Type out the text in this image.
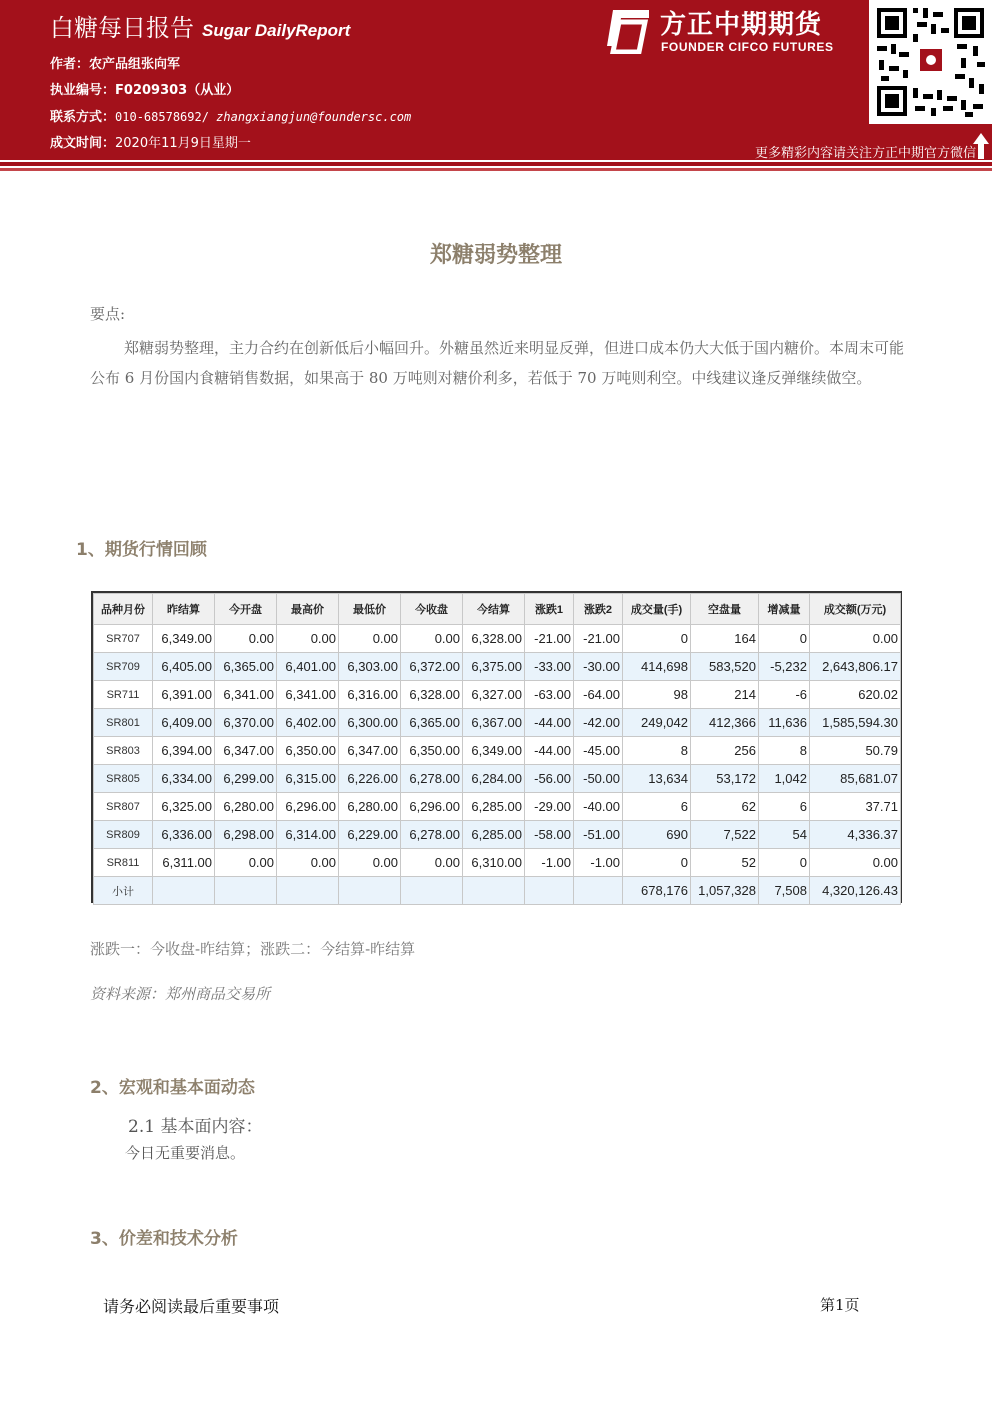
白糖每日报告 Sugar DailyReport
作者：农产品组张向军
执业编号：F0209303（从业）
联系方式：010-68578692/ zhangxiangjun@foundersc.com
成文时间：2020年11月9日星期一
方正中期期货
FOUNDER CIFCO FUTURES
更多精彩内容请关注方正中期官方微信
郑糖弱势整理
要点:
郑糖弱势整理，主力合约在创新低后小幅回升。外糖虽然近来明显反弹，但进口成本仍大大低于国内糖价。本周末可能公布 6 月份国内食糖销售数据，如果高于 80 万吨则对糖价利多，若低于 70 万吨则利空。中线建议逢反弹继续做空。
1、期货行情回顾
品种月份	昨结算	今开盘	最高价	最低价	今收盘	今结算	涨跌1	涨跌2	成交量(手)	空盘量	增减量	成交额(万元)
SR707	6,349.00	0.00	0.00	0.00	0.00	6,328.00	-21.00	-21.00	0	164	0	0.00
SR709	6,405.00	6,365.00	6,401.00	6,303.00	6,372.00	6,375.00	-33.00	-30.00	414,698	583,520	-5,232	2,643,806.17
SR711	6,391.00	6,341.00	6,341.00	6,316.00	6,328.00	6,327.00	-63.00	-64.00	98	214	-6	620.02
SR801	6,409.00	6,370.00	6,402.00	6,300.00	6,365.00	6,367.00	-44.00	-42.00	249,042	412,366	11,636	1,585,594.30
SR803	6,394.00	6,347.00	6,350.00	6,347.00	6,350.00	6,349.00	-44.00	-45.00	8	256	8	50.79
SR805	6,334.00	6,299.00	6,315.00	6,226.00	6,278.00	6,284.00	-56.00	-50.00	13,634	53,172	1,042	85,681.07
SR807	6,325.00	6,280.00	6,296.00	6,280.00	6,296.00	6,285.00	-29.00	-40.00	6	62	6	37.71
SR809	6,336.00	6,298.00	6,314.00	6,229.00	6,278.00	6,285.00	-58.00	-51.00	690	7,522	54	4,336.37
SR811	6,311.00	0.00	0.00	0.00	0.00	6,310.00	-1.00	-1.00	0	52	0	0.00
小计									678,176	1,057,328	7,508	4,320,126.43
涨跌一：今收盘-昨结算；涨跌二：今结算-昨结算
资料来源：郑州商品交易所
2、宏观和基本面动态
2.1 基本面内容：
今日无重要消息。
3、价差和技术分析
请务必阅读最后重要事项	第1页
